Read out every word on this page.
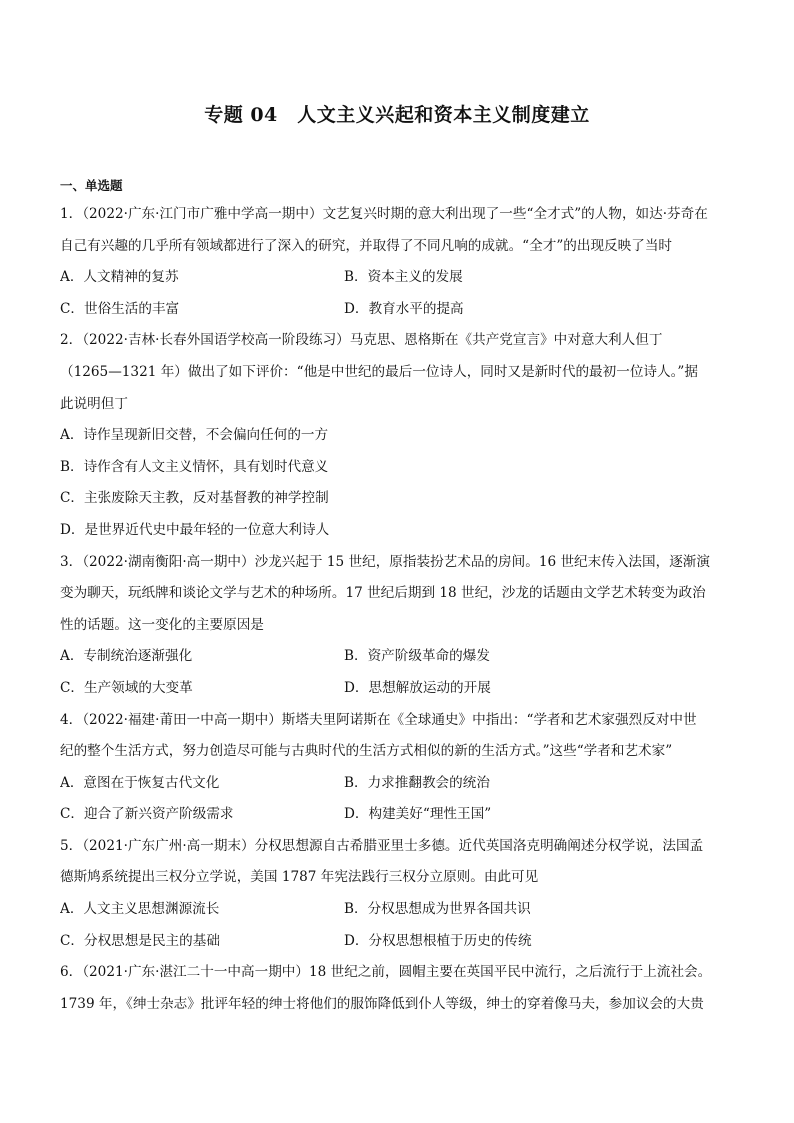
专题 04　人文主义兴起和资本主义制度建立
一、单选题
1．（2022·广东·江门市广雅中学高一期中）文艺复兴时期的意大利出现了一些“全才式”的人物，如达·芬奇在
自己有兴趣的几乎所有领域都进行了深入的研究，并取得了不同凡响的成就。“全才”的出现反映了当时
A．人文精神的复苏	B．资本主义的发展
C．世俗生活的丰富	D．教育水平的提高
2．（2022·吉林·长春外国语学校高一阶段练习）马克思、恩格斯在《共产党宣言》中对意大利人但丁
（1265—1321 年）做出了如下评价：“他是中世纪的最后一位诗人，同时又是新时代的最初一位诗人。”据
此说明但丁
A．诗作呈现新旧交替，不会偏向任何的一方
B．诗作含有人文主义情怀，具有划时代意义
C．主张废除天主教，反对基督教的神学控制
D．是世界近代史中最年轻的一位意大利诗人
3．（2022·湖南衡阳·高一期中）沙龙兴起于 15 世纪，原指装扮艺术品的房间。16 世纪末传入法国，逐渐演
变为聊天，玩纸牌和谈论文学与艺术的种场所。17 世纪后期到 18 世纪，沙龙的话题由文学艺术转变为政治
性的话题。这一变化的主要原因是
A．专制统治逐渐强化	B．资产阶级革命的爆发
C．生产领域的大变革	D．思想解放运动的开展
4．（2022·福建·莆田一中高一期中）斯塔夫里阿诺斯在《全球通史》中指出：“学者和艺术家强烈反对中世
纪的整个生活方式，努力创造尽可能与古典时代的生活方式相似的新的生活方式。”这些“学者和艺术家”
A．意图在于恢复古代文化	B．力求推翻教会的统治
C．迎合了新兴资产阶级需求	D．构建美好“理性王国”
5．（2021·广东广州·高一期末）分权思想源自古希腊亚里士多德。近代英国洛克明确阐述分权学说，法国孟
德斯鸠系统提出三权分立学说，美国 1787 年宪法践行三权分立原则。由此可见
A．人文主义思想渊源流长	B．分权思想成为世界各国共识
C．分权思想是民主的基础	D．分权思想根植于历史的传统
6．（2021·广东·湛江二十一中高一期中）18 世纪之前，圆帽主要在英国平民中流行，之后流行于上流社会。
1739 年，《绅士杂志》批评年轻的绅士将他们的服饰降低到仆人等级，绅士的穿着像马夫，参加议会的大贵
